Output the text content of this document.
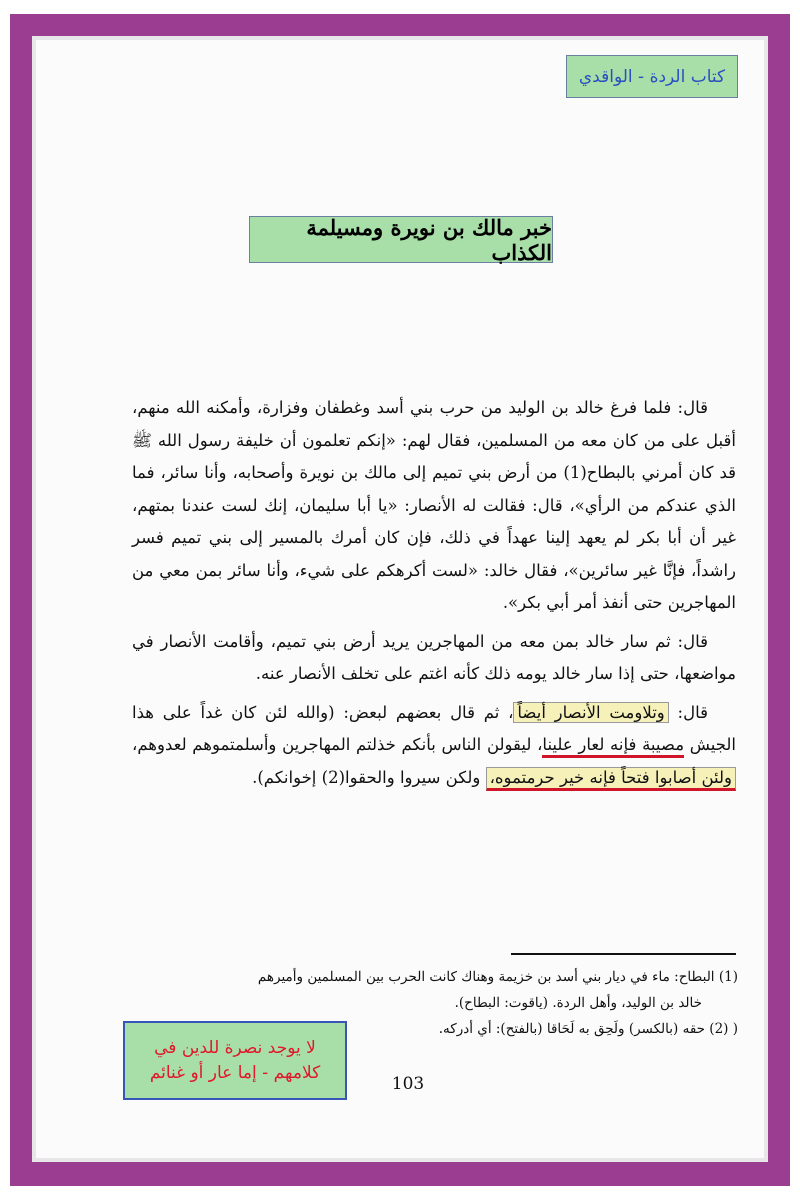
كتاب الردة - الواقدي
خبر مالك بن نويرة ومسيلمة الكذاب

قال: فلما فرغ خالد بن الوليد من حرب بني أسد وغطفان وفزارة، وأمكنه الله منهم، أقبل على من كان معه من المسلمين، فقال لهم: «إنكم تعلمون أن خليفة رسول الله ﷺ قد كان أمرني بالبطاح(1) من أرض بني تميم إلى مالك بن نويرة وأصحابه، وأنا سائر، فما الذي عندكم من الرأي»، قال: فقالت له الأنصار: «يا أبا سليمان، إنك لست عندنا بمتهم، غير أن أبا بكر لم يعهد إلينا عهداً في ذلك، فإن كان أمرك بالمسير إلى بني تميم فسر راشداً، فإنَّا غير سائرين»، فقال خالد: «لست أكرهكم على شيء، وأنا سائر بمن معي من المهاجرين حتى أنفذ أمر أبي بكر».

قال: ثم سار خالد بمن معه من المهاجرين يريد أرض بني تميم، وأقامت الأنصار في مواضعها، حتى إذا سار خالد يومه ذلك كأنه اغتم على تخلف الأنصار عنه.

قال: وتلاومت الأنصار أيضاً، ثم قال بعضهم لبعض: (والله لئن كان غداً على هذا الجيش مصيبة فإنه لعار علينا، ليقولن الناس بأنكم خذلتم المهاجرين وأسلمتموهم لعدوهم، ولئن أصابوا فتحاً فإنه خير حرمتموه، ولكن سيروا والحقوا(2) إخوانكم).

(1) البطاح: ماء في ديار بني أسد بن خزيمة وهناك كانت الحرب بين المسلمين وأميرهم
خالد بن الوليد، وأهل الردة. (ياقوت: البطاح).
( (2) حقه (بالكسر) ولَحِق به لَحَاقا (بالفتح): أي أدركه.
لا يوجد نصرة للدين في
كلامهم - إما عار أو غنائم
103
